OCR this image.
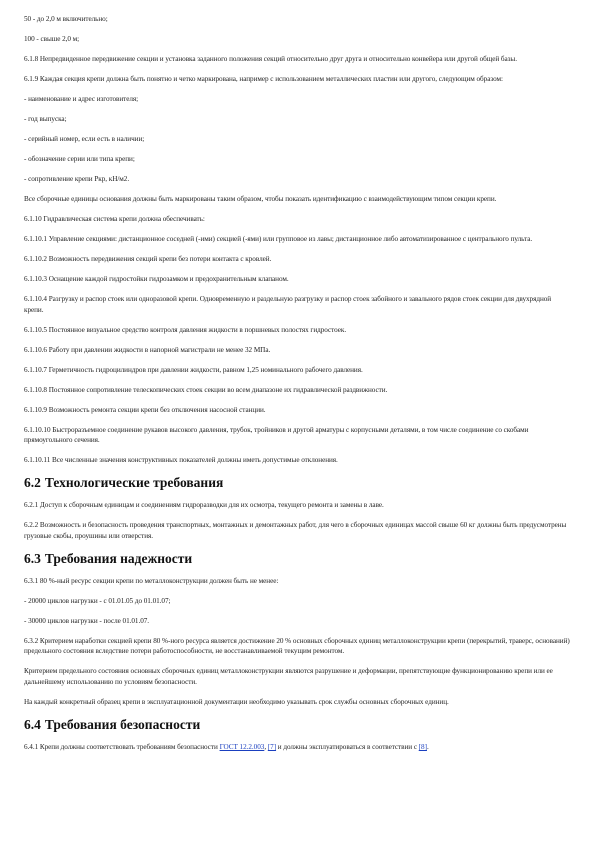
50 - до 2,0 м включительно;

100 - свыше 2,0 м;

6.1.8 Непредвиденное передвижение секции и установка заданного положения секций относительно друг друга и относительно конвейера или другой общей базы.

6.1.9 Каждая секция крепи должна быть понятно и четко маркирована, например с использованием металлических пластин или другого, следующим образом:

- наименование и адрес изготовителя;

- год выпуска;

- серийный номер, если есть в наличии;

- обозначение серии или типа крепи;

- сопротивление крепи Ркр, кН/м2.

Все сборочные единицы основания должны быть маркированы таким образом, чтобы показать идентификацию с взаимодействующим типом секции крепи.

6.1.10 Гидравлическая система крепи должна обеспечивать:

6.1.10.1 Управление секциями: дистанционное соседней (-ими) секцией (-ями) или групповое из лавы; дистанционное либо автоматизированное с центрального пульта.

6.1.10.2 Возможность передвижения секций крепи без потери контакта с кровлей.

6.1.10.3 Оснащение каждой гидростойки гидрозамком и предохранительным клапаном.

6.1.10.4 Разгрузку и распор стоек или одноразовой крепи. Одновременную и раздельную разгрузку и распор стоек забойного и завального рядов стоек секции для двухрядной крепи.

6.1.10.5 Постоянное визуальное средство контроля давления жидкости в поршневых полостях гидростоек.

6.1.10.6 Работу при давлении жидкости в напорной магистрали не менее 32 МПа.

6.1.10.7 Герметичность гидроцилиндров при давлении жидкости, равном 1,25 номинального рабочего давления.

6.1.10.8 Постоянное сопротивление телескопических стоек секции во всем диапазоне их гидравлической раздвижности.

6.1.10.9 Возможность ремонта секции крепи без отключения насосной станции.

6.1.10.10 Быстроразъемное соединение рукавов высокого давления, трубок, тройников и другой арматуры с корпусными деталями, в том числе соединение со скобами прямоугольного сечения.

6.1.10.11 Все численные значения конструктивных показателей должны иметь допустимые отклонения.

6.2 Технологические требования

6.2.1 Доступ к сборочным единицам и соединениям гидроразводки для их осмотра, текущего ремонта и замены в лаве.

6.2.2 Возможность и безопасность проведения транспортных, монтажных и демонтажных работ, для чего в сборочных единицах массой свыше 60 кг должны быть предусмотрены грузовые скобы, проушины или отверстия.

6.3 Требования надежности

6.3.1 80 %-ный ресурс секции крепи по металлоконструкции должен быть не менее:

- 20000 циклов нагрузки - с 01.01.05 до 01.01.07;

- 30000 циклов нагрузки - после 01.01.07.

6.3.2 Критерием наработки секцией крепи 80 %-ного ресурса является достижение 20 % основных сборочных единиц металлоконструкции крепи (перекрытий, траверс, оснований) предельного состояния вследствие потери работоспособности, не восстанавливаемой текущим ремонтом.

Критерием предельного состояния основных сборочных единиц металлоконструкции являются разрушение и деформации, препятствующие функционированию крепи или ее дальнейшему использованию по условиям безопасности.

На каждый конкретный образец крепи в эксплуатационной документации необходимо указывать срок службы основных сборочных единиц.

6.4 Требования безопасности

6.4.1 Крепи должны соответствовать требованиям безопасности ГОСТ 12.2.003, [7] и должны эксплуатироваться в соответствии с [8].
